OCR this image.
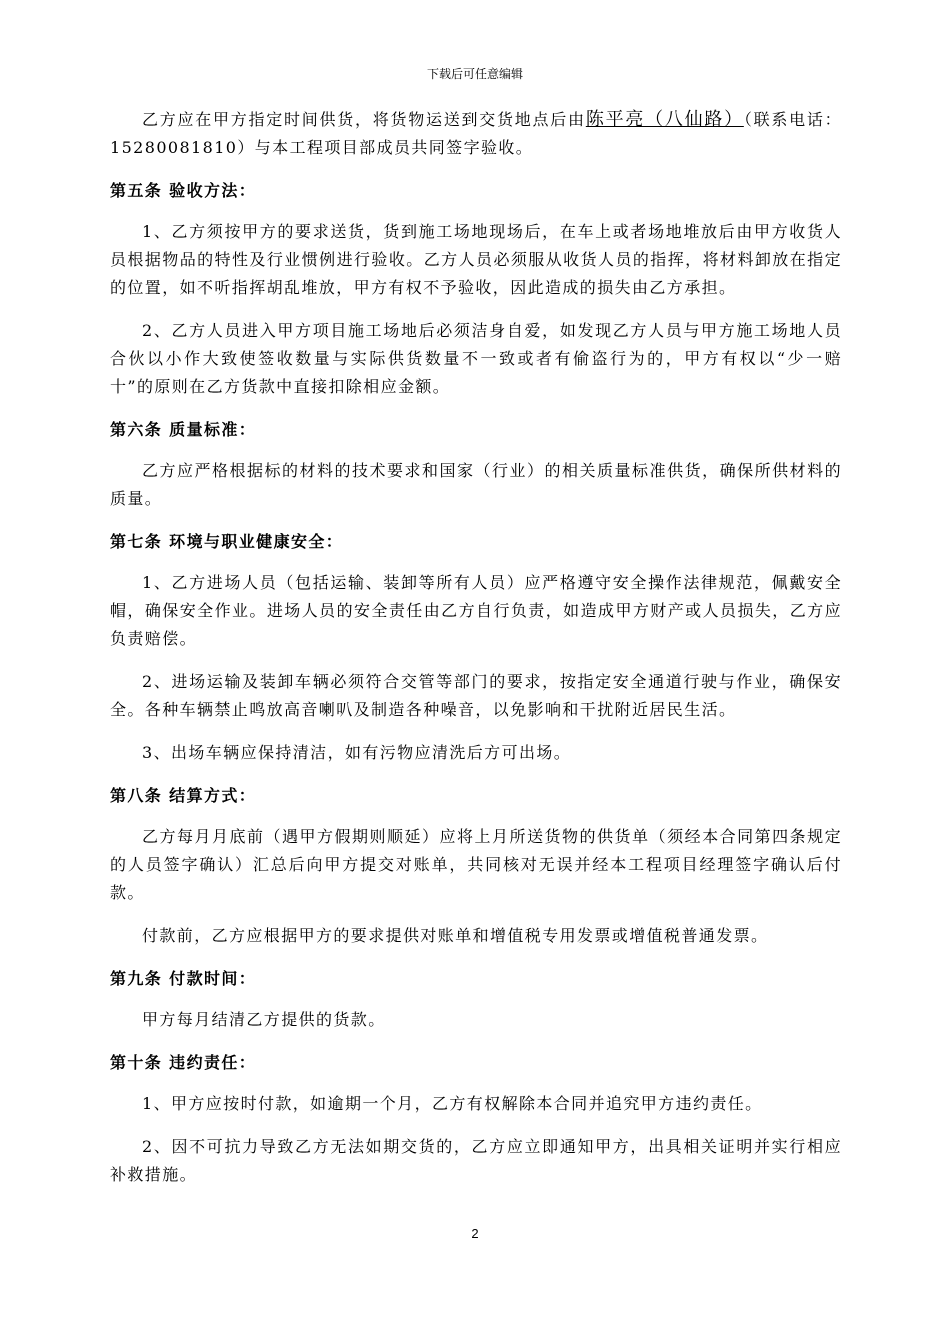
下载后可任意编辑

乙方应在甲方指定时间供货，将货物运送到交货地点后由陈平亮（八仙路）（联系电话：15280081810）与本工程项目部成员共同签字验收。

第五条 验收方法：

1、乙方须按甲方的要求送货，货到施工场地现场后，在车上或者场地堆放后由甲方收货人员根据物品的特性及行业惯例进行验收。乙方人员必须服从收货人员的指挥，将材料卸放在指定的位置，如不听指挥胡乱堆放，甲方有权不予验收，因此造成的损失由乙方承担。

2、乙方人员进入甲方项目施工场地后必须洁身自爱，如发现乙方人员与甲方施工场地人员合伙以小作大致使签收数量与实际供货数量不一致或者有偷盗行为的，甲方有权以“少一赔十”的原则在乙方货款中直接扣除相应金额。

第六条 质量标准：

乙方应严格根据标的材料的技术要求和国家（行业）的相关质量标准供货，确保所供材料的质量。

第七条 环境与职业健康安全：

1、乙方进场人员（包括运输、装卸等所有人员）应严格遵守安全操作法律规范，佩戴安全帽，确保安全作业。进场人员的安全责任由乙方自行负责，如造成甲方财产或人员损失，乙方应负责赔偿。

2、进场运输及装卸车辆必须符合交管等部门的要求，按指定安全通道行驶与作业，确保安全。各种车辆禁止鸣放高音喇叭及制造各种噪音，以免影响和干扰附近居民生活。

3、出场车辆应保持清洁，如有污物应清洗后方可出场。

第八条 结算方式：

乙方每月月底前（遇甲方假期则顺延）应将上月所送货物的供货单（须经本合同第四条规定的人员签字确认）汇总后向甲方提交对账单，共同核对无误并经本工程项目经理签字确认后付款。

付款前，乙方应根据甲方的要求提供对账单和增值税专用发票或增值税普通发票。

第九条 付款时间：

甲方每月结清乙方提供的货款。

第十条 违约责任：

1、甲方应按时付款，如逾期一个月，乙方有权解除本合同并追究甲方违约责任。

2、因不可抗力导致乙方无法如期交货的，乙方应立即通知甲方，出具相关证明并实行相应补救措施。

2
